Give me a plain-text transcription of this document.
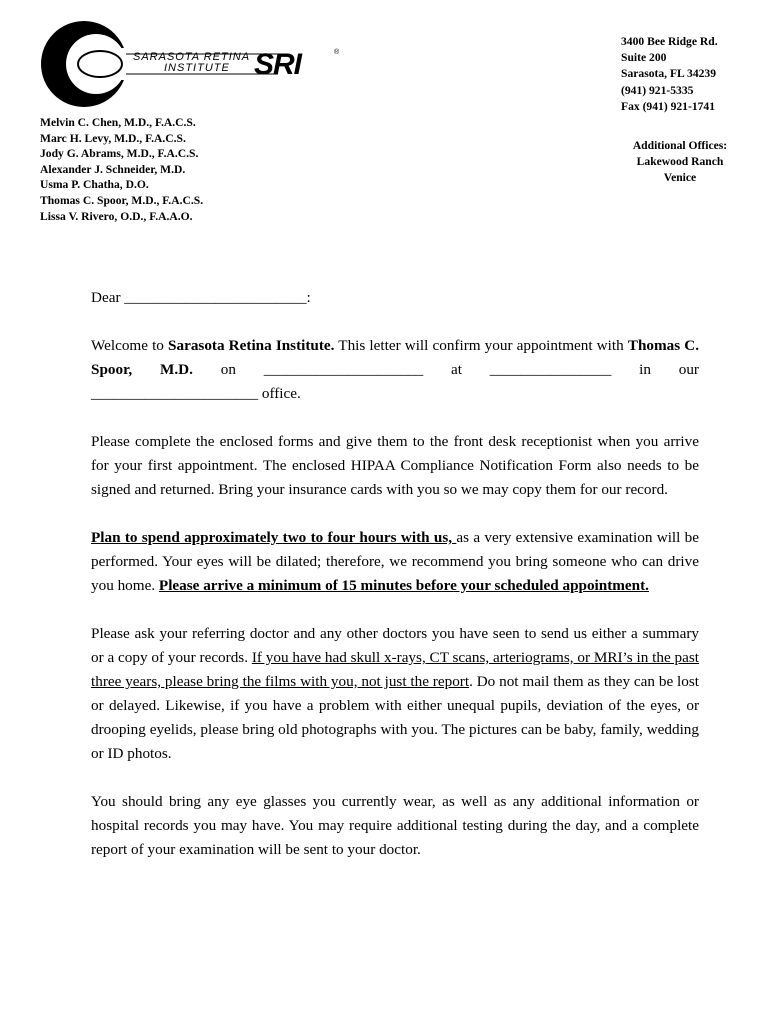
SARASOTA RETINA
INSTITUTE SRI	®
3400 Bee Ridge Rd.
Suite 200
Sarasota, FL 34239
(941) 921-5335
Fax (941) 921-1741
Additional Offices:
Lakewood Ranch
Venice
Melvin C. Chen, M.D., F.A.C.S.
Marc H. Levy, M.D., F.A.C.S.
Jody G. Abrams, M.D., F.A.C.S.
Alexander J. Schneider, M.D.
Usma P. Chatha, D.O.
Thomas C. Spoor, M.D., F.A.C.S.
Lissa V. Rivero, O.D., F.A.A.O.

Dear ________________________:

Welcome to Sarasota Retina Institute. This letter will confirm your appointment with Thomas C. Spoor, M.D. on _____________________ at ________________ in our ______________________ office.

Please complete the enclosed forms and give them to the front desk receptionist when you arrive for your first appointment. The enclosed HIPAA Compliance Notification Form also needs to be signed and returned. Bring your insurance cards with you so we may copy them for our record.

Plan to spend approximately two to four hours with us, as a very extensive examination will be performed. Your eyes will be dilated; therefore, we recommend you bring someone who can drive you home. Please arrive a minimum of 15 minutes before your scheduled appointment.

Please ask your referring doctor and any other doctors you have seen to send us either a summary or a copy of your records. If you have had skull x-rays, CT scans, arteriograms, or MRI’s in the past three years, please bring the films with you, not just the report. Do not mail them as they can be lost or delayed. Likewise, if you have a problem with either unequal pupils, deviation of the eyes, or drooping eyelids, please bring old photographs with you. The pictures can be baby, family, wedding or ID photos.

You should bring any eye glasses you currently wear, as well as any additional information or hospital records you may have. You may require additional testing during the day, and a complete report of your examination will be sent to your doctor.
